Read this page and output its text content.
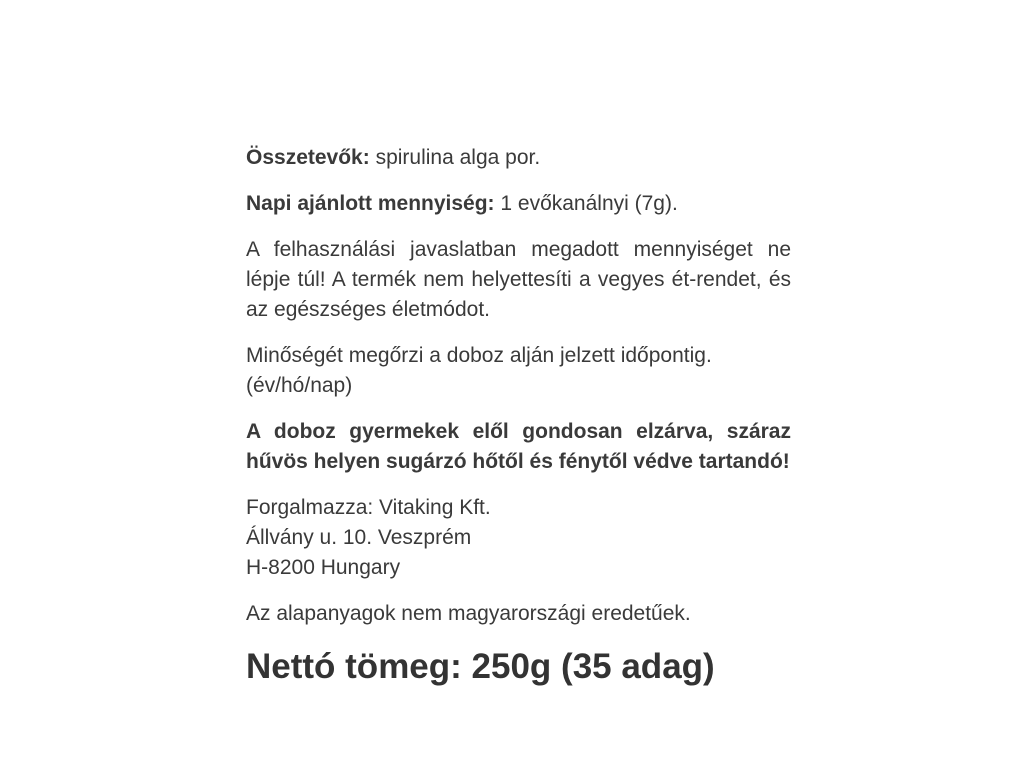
Összetevők: spirulina alga por.

Napi ajánlott mennyiség: 1 evőkanálnyi (7g).

A felhasználási javaslatban megadott mennyiséget ne lépje túl! A termék nem helyettesíti a vegyes ét-rendet, és az egészséges életmódot.

Minőségét megőrzi a doboz alján jelzett időpontig.
(év/hó/nap)

A doboz gyermekek elől gondosan elzárva, száraz hűvös helyen sugárzó hőtől és fénytől védve tartandó!

Forgalmazza: Vitaking Kft.
Állvány u. 10. Veszprém
H-8200 Hungary

Az alapanyagok nem magyarországi eredetűek.

Nettó tömeg: 250g (35 adag)
